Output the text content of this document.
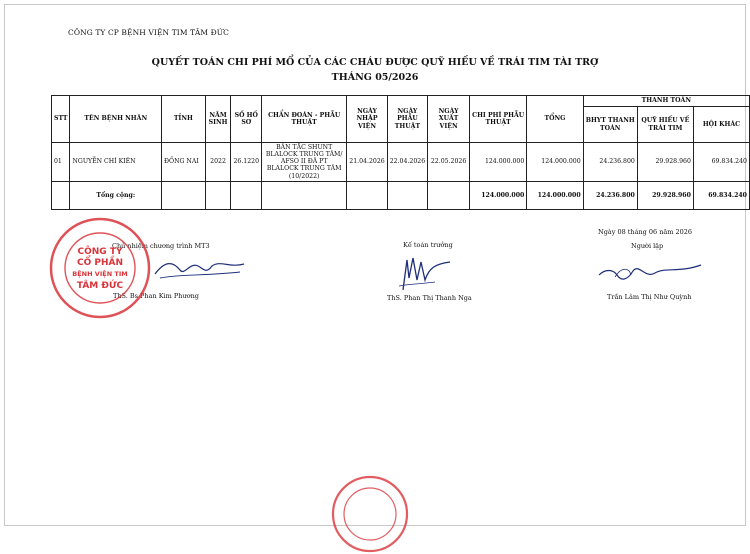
CÔNG TY CP BỆNH VIỆN TIM TÂM ĐỨC
QUYẾT TOÁN CHI PHÍ MỔ CỦA CÁC CHÁU ĐƯỢC QUỸ HIẾU VỀ TRÁI TIM TÀI TRỢ
THÁNG 05/2026
STT	TÊN BỆNH NHÂN	TỈNH	NĂM SINH	SỐ HỒ SƠ	CHẨN ĐOÁN - PHẪU THUẬT	NGÀY NHẬP VIỆN	NGÀY PHẪU THUẬT	NGÀY XUẤT VIỆN	CHI PHÍ PHẪU THUẬT	TỔNG	THANH TOÁN		
											BHYT THANH TOÁN	QUỸ HIẾU VỀ TRÁI TIM	HỘI KHÁC
01	NGUYỄN CHÍ KIÊN	ĐỒNG NAI	2022	26.1220	BẤN TẮC SHUNT BLALOCK TRUNG TÂM/ AFSO II ĐÃ PT BLALOCK TRUNG TÂM (10/2022)	21.04.2026	22.04.2026	22.05.2026	124.000.000	124.000.000	24.236.800	29.928.960	69.834.240
	Tổng cộng:								124.000.000	124.000.000	24.236.800	29.928.960	69.834.240
Ngày 08 tháng 06 năm 2026
Chủ nhiệm chương trình MT3	Kế toán trưởng	Người lập
ThS. Bs Phan Kim Phương	ThS. Phan Thị Thanh Nga	Trần Lâm Thị Như Quỳnh
CÔNG TY
CỔ PHẦN
BỆNH VIỆN TIM
TÂM ĐỨC
